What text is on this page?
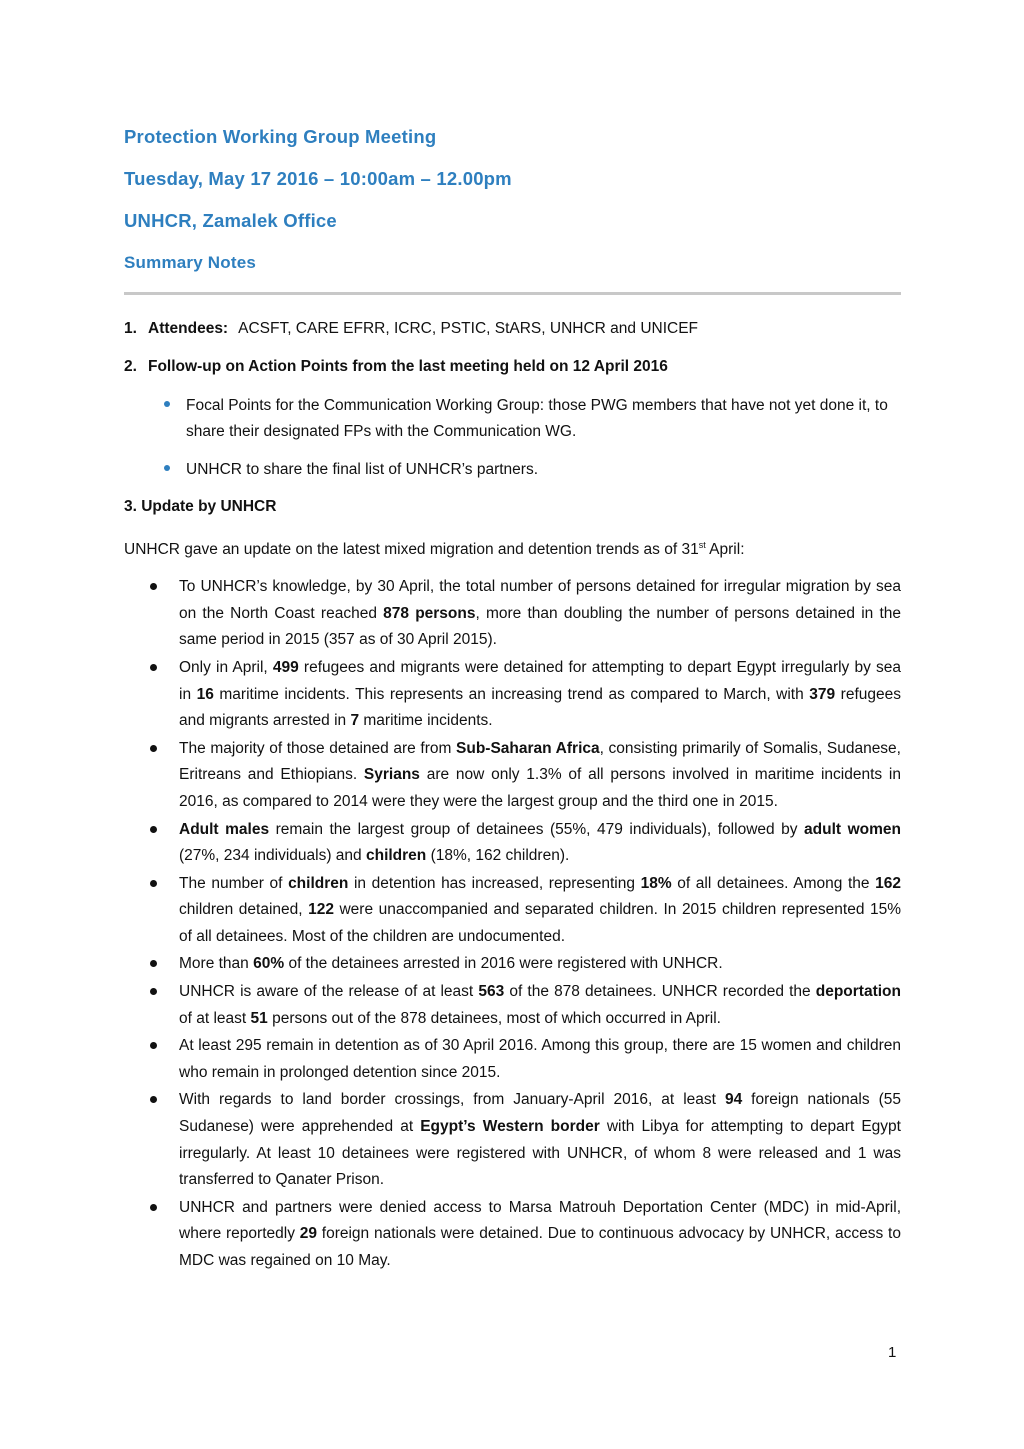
Protection Working Group Meeting
Tuesday, May 17 2016 – 10:00am – 12.00pm
UNHCR, Zamalek Office
Summary Notes
1. Attendees: ACSFT, CARE EFRR, ICRC, PSTIC, StARS, UNHCR and UNICEF
2. Follow-up on Action Points from the last meeting held on 12 April 2016
Focal Points for the Communication Working Group: those PWG members that have not yet done it, to share their designated FPs with the Communication WG.
UNHCR to share the final list of UNHCR’s partners.
3. Update by UNHCR
UNHCR gave an update on the latest mixed migration and detention trends as of 31st April:
To UNHCR’s knowledge, by 30 April, the total number of persons detained for irregular migration by sea on the North Coast reached 878 persons, more than doubling the number of persons detained in the same period in 2015 (357 as of 30 April 2015).
Only in April, 499 refugees and migrants were detained for attempting to depart Egypt irregularly by sea in 16 maritime incidents. This represents an increasing trend as compared to March, with 379 refugees and migrants arrested in 7 maritime incidents.
The majority of those detained are from Sub-Saharan Africa, consisting primarily of Somalis, Sudanese, Eritreans and Ethiopians. Syrians are now only 1.3% of all persons involved in maritime incidents in 2016, as compared to 2014 were they were the largest group and the third one in 2015.
Adult males remain the largest group of detainees (55%, 479 individuals), followed by adult women (27%, 234 individuals) and children (18%, 162 children).
The number of children in detention has increased, representing 18% of all detainees. Among the 162 children detained, 122 were unaccompanied and separated children. In 2015 children represented 15% of all detainees. Most of the children are undocumented.
More than 60% of the detainees arrested in 2016 were registered with UNHCR.
UNHCR is aware of the release of at least 563 of the 878 detainees. UNHCR recorded the deportation of at least 51 persons out of the 878 detainees, most of which occurred in April.
At least 295 remain in detention as of 30 April 2016. Among this group, there are 15 women and children who remain in prolonged detention since 2015.
With regards to land border crossings, from January-April 2016, at least 94 foreign nationals (55 Sudanese) were apprehended at Egypt’s Western border with Libya for attempting to depart Egypt irregularly. At least 10 detainees were registered with UNHCR, of whom 8 were released and 1 was transferred to Qanater Prison.
UNHCR and partners were denied access to Marsa Matrouh Deportation Center (MDC) in mid-April, where reportedly 29 foreign nationals were detained. Due to continuous advocacy by UNHCR, access to MDC was regained on 10 May.
1
